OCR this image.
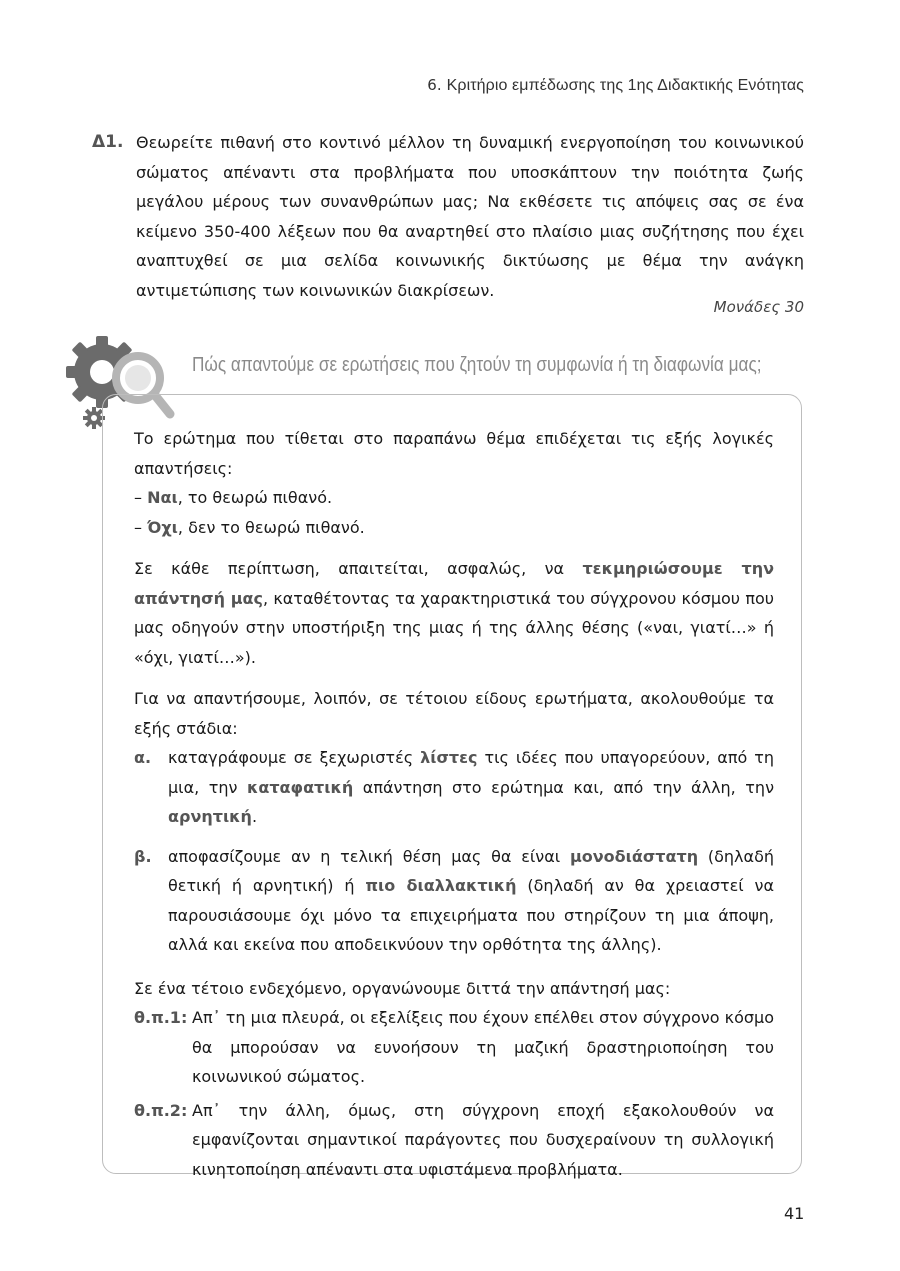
6. Κριτήριο εμπέδωσης της 1ης Διδακτικής Ενότητας
Δ1. Θεωρείτε πιθανή στο κοντινό μέλλον τη δυναμική ενεργοποίηση του κοινωνικού σώματος απέναντι στα προβλήματα που υποσκάπτουν την ποιότητα ζωής μεγάλου μέρους των συνανθρώπων μας; Να εκθέσετε τις απόψεις σας σε ένα κείμενο 350-400 λέξεων που θα αναρτηθεί στο πλαίσιο μιας συζήτησης που έχει αναπτυχθεί σε μια σελίδα κοινωνικής δικτύωσης με θέμα την ανάγκη αντιμετώπισης των κοινωνικών διακρίσεων.
Μονάδες 30
Πώς απαντούμε σε ερωτήσεις που ζητούν τη συμφωνία ή τη διαφωνία μας;

Το ερώτημα που τίθεται στο παραπάνω θέμα επιδέχεται τις εξής λογικές απαντήσεις:

– Ναι, το θεωρώ πιθανό.

– Όχι, δεν το θεωρώ πιθανό.

Σε κάθε περίπτωση, απαιτείται, ασφαλώς, να τεκμηριώσουμε την απάντησή μας, καταθέτοντας τα χαρακτηριστικά του σύγχρονου κόσμου που μας οδηγούν στην υποστήριξη της μιας ή της άλλης θέσης («ναι, γιατί…» ή «όχι, γιατί…»).

Για να απαντήσουμε, λοιπόν, σε τέτοιου είδους ερωτήματα, ακολουθούμε τα εξής στάδια:

α. καταγράφουμε σε ξεχωριστές λίστες τις ιδέες που υπαγορεύουν, από τη μια, την καταφατική απάντηση στο ερώτημα και, από την άλλη, την αρνητική.
β. αποφασίζουμε αν η τελική θέση μας θα είναι μονοδιάστατη (δηλαδή θετική ή αρνητική) ή πιο διαλλακτική (δηλαδή αν θα χρειαστεί να παρουσιάσουμε όχι μόνο τα επιχειρήματα που στηρίζουν τη μια άποψη, αλλά και εκείνα που αποδεικνύουν την ορθότητα της άλλης).

Σε ένα τέτοιο ενδεχόμενο, οργανώνουμε διττά την απάντησή μας:

θ.π.1: Απ᾽ τη μια πλευρά, οι εξελίξεις που έχουν επέλθει στον σύγχρονο κόσμο θα μπορούσαν να ευνοήσουν τη μαζική δραστηριοποίηση του κοινωνικού σώματος.
θ.π.2: Απ᾽ την άλλη, όμως, στη σύγχρονη εποχή εξακολουθούν να εμφανίζονται σημαντικοί παράγοντες που δυσχεραίνουν τη συλλογική κινητοποίηση απέναντι στα υφιστάμενα προβλήματα.
41
